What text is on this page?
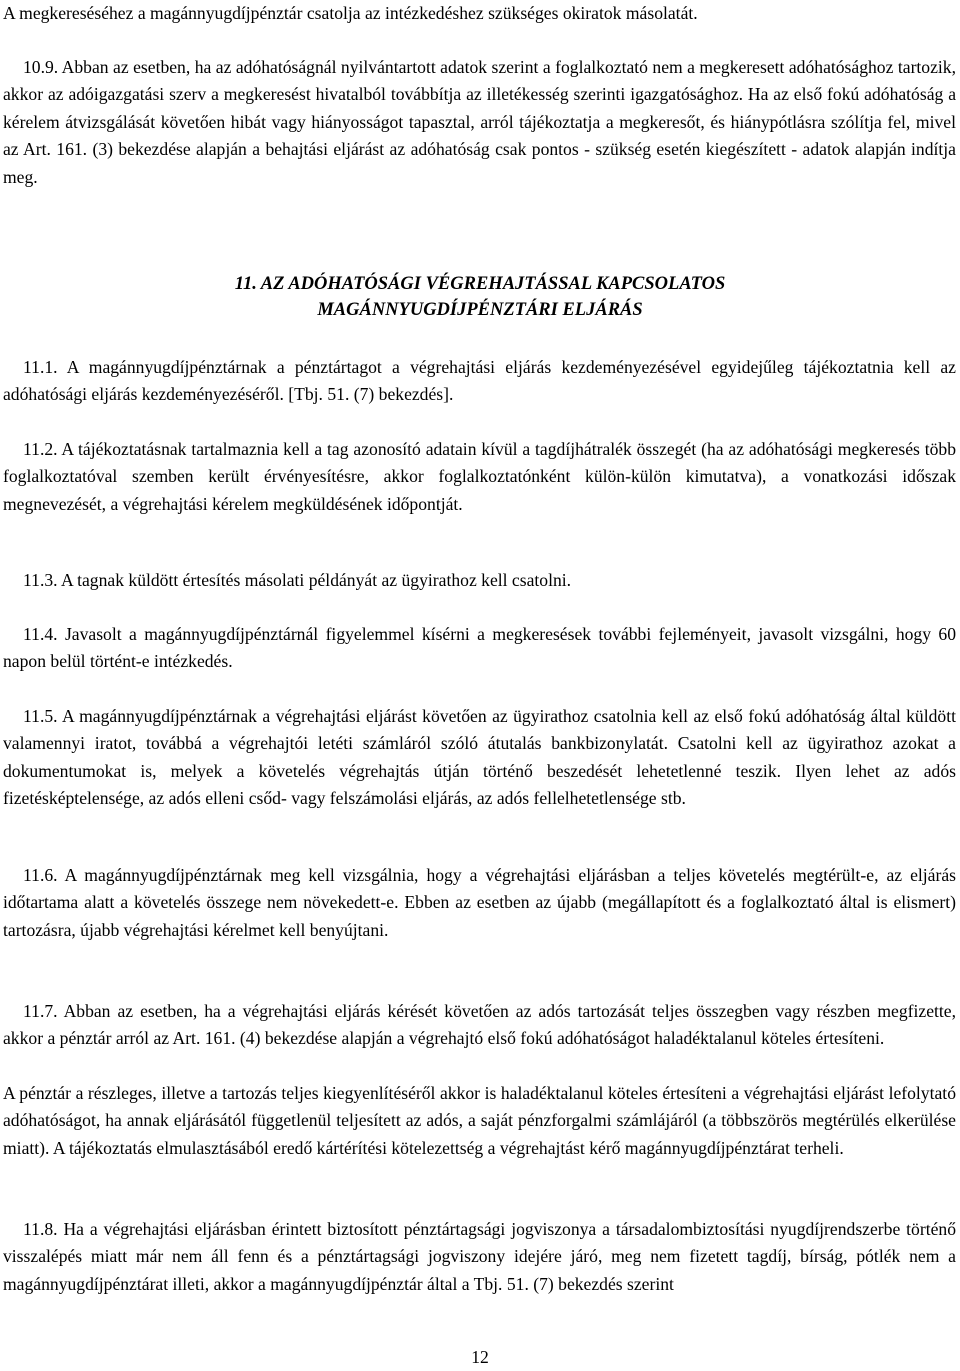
A megkereséséhez a magánnyugdíjpénztár csatolja az intézkedéshez szükséges okiratok másolatát.

10.9. Abban az esetben, ha az adóhatóságnál nyilvántartott adatok szerint a foglalkoztató nem a megkeresett adóhatósághoz tartozik, akkor az adóigazgatási szerv a megkeresést hivatalból továbbítja az illetékesség szerinti igazgatósághoz. Ha az első fokú adóhatóság a kérelem átvizsgálását követően hibát vagy hiányosságot tapasztal, arról tájékoztatja a megkeresőt, és hiánypótlásra szólítja fel, mivel az Art. 161. (3) bekezdése alapján a behajtási eljárást az adóhatóság csak pontos - szükség esetén kiegészített - adatok alapján indítja meg.

11. AZ ADÓHATÓSÁGI VÉGREHAJTÁSSAL KAPCSOLATOS
MAGÁNNYUGDÍJPÉNZTÁRI ELJÁRÁS

11.1. A magánnyugdíjpénztárnak a pénztártagot a végrehajtási eljárás kezdeményezésével egyidejűleg tájékoztatnia kell az adóhatósági eljárás kezdeményezéséről. [Tbj. 51. (7) bekezdés].

11.2. A tájékoztatásnak tartalmaznia kell a tag azonosító adatain kívül a tagdíjhátralék összegét (ha az adóhatósági megkeresés több foglalkoztatóval szemben került érvényesítésre, akkor foglalkoztatónként külön-külön kimutatva), a vonatkozási időszak megnevezését, a végrehajtási kérelem megküldésének időpontját.

11.3. A tagnak küldött értesítés másolati példányát az ügyirathoz kell csatolni.

11.4. Javasolt a magánnyugdíjpénztárnál figyelemmel kísérni a megkeresések további fejleményeit, javasolt vizsgálni, hogy 60 napon belül történt-e intézkedés.

11.5. A magánnyugdíjpénztárnak a végrehajtási eljárást követően az ügyirathoz csatolnia kell az első fokú adóhatóság által küldött valamennyi iratot, továbbá a végrehajtói letéti számláról szóló átutalás bankbizonylatát. Csatolni kell az ügyirathoz azokat a dokumentumokat is, melyek a követelés végrehajtás útján történő beszedését lehetetlenné teszik. Ilyen lehet az adós fizetésképtelensége, az adós elleni csőd- vagy felszámolási eljárás, az adós fellelhetetlensége stb.

11.6. A magánnyugdíjpénztárnak meg kell vizsgálnia, hogy a végrehajtási eljárásban a teljes követelés megtérült-e, az eljárás időtartama alatt a követelés összege nem növekedett-e. Ebben az esetben az újabb (megállapított és a foglalkoztató által is elismert) tartozásra, újabb végrehajtási kérelmet kell benyújtani.

11.7. Abban az esetben, ha a végrehajtási eljárás kérését követően az adós tartozását teljes összegben vagy részben megfizette, akkor a pénztár arról az Art. 161. (4) bekezdése alapján a végrehajtó első fokú adóhatóságot haladéktalanul köteles értesíteni.

A pénztár a részleges, illetve a tartozás teljes kiegyenlítéséről akkor is haladéktalanul köteles értesíteni a végrehajtási eljárást lefolytató adóhatóságot, ha annak eljárásától függetlenül teljesített az adós, a saját pénzforgalmi számlájáról (a többszörös megtérülés elkerülése miatt). A tájékoztatás elmulasztásából eredő kártérítési kötelezettség a végrehajtást kérő magánnyugdíjpénztárat terheli.

11.8. Ha a végrehajtási eljárásban érintett biztosított pénztártagsági jogviszonya a társadalombiztosítási nyugdíjrendszerbe történő visszalépés miatt már nem áll fenn és a pénztártagsági jogviszony idejére járó, meg nem fizetett tagdíj, bírság, pótlék nem a magánnyugdíjpénztárat illeti, akkor a magánnyugdíjpénztár által a Tbj. 51. (7) bekezdés szerint

12
